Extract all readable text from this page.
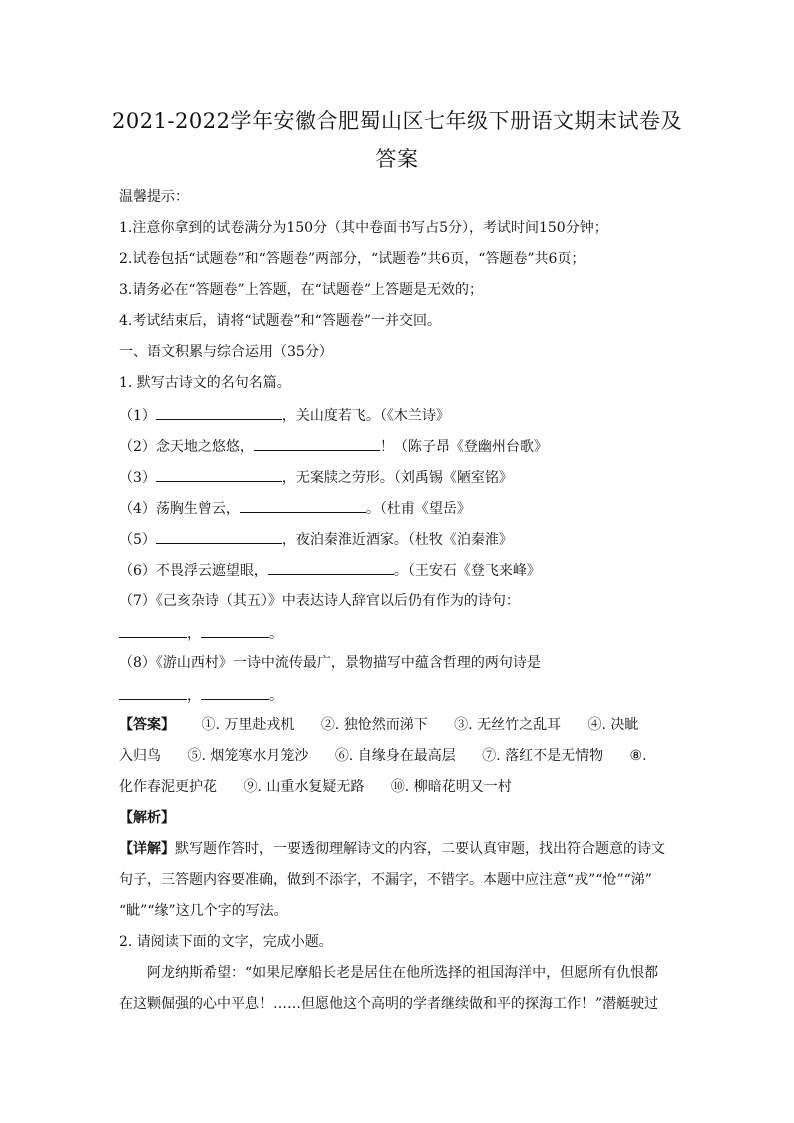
2021-2022学年安徽合肥蜀山区七年级下册语文期末试卷及
答案
温馨提示：
1.注意你拿到的试卷满分为150分（其中卷面书写占5分），考试时间150分钟；
2.试卷包括“试题卷”和“答题卷”两部分，“试题卷”共6页，“答题卷”共6页；
3.请务必在“答题卷”上答题，在“试题卷”上答题是无效的；
4.考试结束后，请将“试题卷”和“答题卷”一并交回。
一、语文积累与综合运用（35分）
1. 默写古诗文的名句名篇。
（1）	，关山度若飞。（《木兰诗》
（2）念天地之悠悠，	！（陈子昂《登幽州台歌》
（3）	，无案牍之劳形。（刘禹锡《陋室铭》
（4）荡胸生曾云，	。（杜甫《望岳》
（5）	，夜泊秦淮近酒家。（杜牧《泊秦淮》
（6）不畏浮云遮望眼，	。（王安石《登飞来峰》
（7）《己亥杂诗（其五）》中表达诗人辞官以后仍有作为的诗句：
，	。
（8）《游山西村》一诗中流传最广，景物描写中蕴含哲理的两句诗是
，	。
【答案】 ①. 万里赴戎机 ②. 独怆然而涕下 ③. 无丝竹之乱耳 ④. 决眦
入归鸟 ⑤. 烟笼寒水月笼沙 ⑥. 自缘身在最高层 ⑦. 落红不是无情物 ⑧.
化作春泥更护花 ⑨. 山重水复疑无路 ⑩. 柳暗花明又一村
【解析】
【详解】默写题作答时，一要透彻理解诗文的内容，二要认真审题，找出符合题意的诗文
句子，三答题内容要准确，做到不添字，不漏字，不错字。本题中应注意“戎”“怆”“涕”
“眦”“缘”这几个字的写法。
2. 请阅读下面的文字，完成小题。
阿龙纳斯希望：“如果尼摩船长老是居住在他所选择的祖国海洋中，但愿所有仇恨都
在这颗倔强的心中平息！……但愿他这个高明的学者继续做和平的探海工作！”潜艇驶过
